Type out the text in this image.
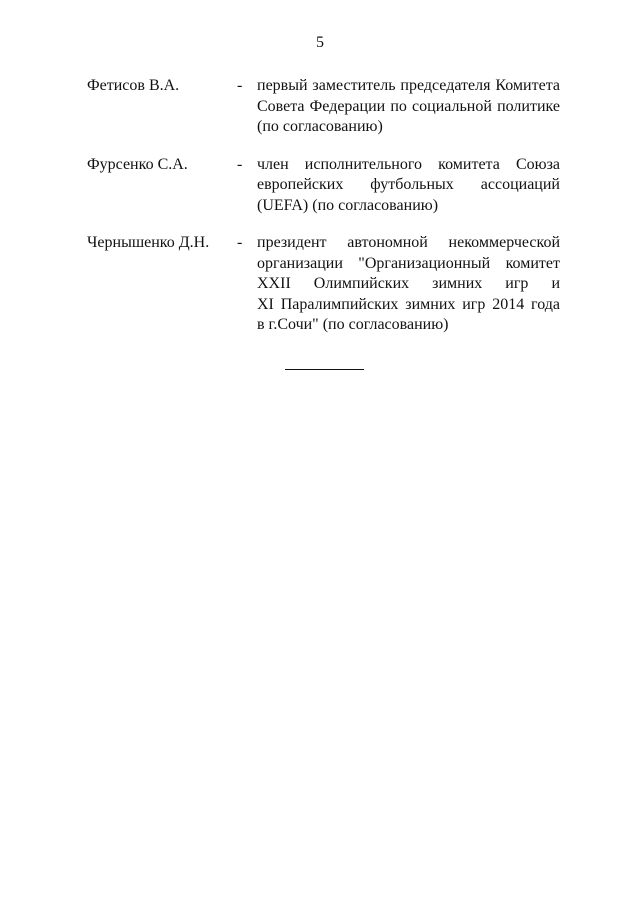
5
Фетисов В.А.	- первый заместитель председателя Комитета
Совета Федерации по социальной политике
(по согласованию)
Фурсенко С.А.	- член исполнительного комитета Союза
европейских футбольных ассоциаций
(UEFA) (по согласованию)
Чернышенко Д.Н.	- президент автономной некоммерческой
организации "Организационный комитет
XXII Олимпийских зимних игр и
XI Паралимпийских зимних игр 2014 года
в г.Сочи" (по согласованию)
